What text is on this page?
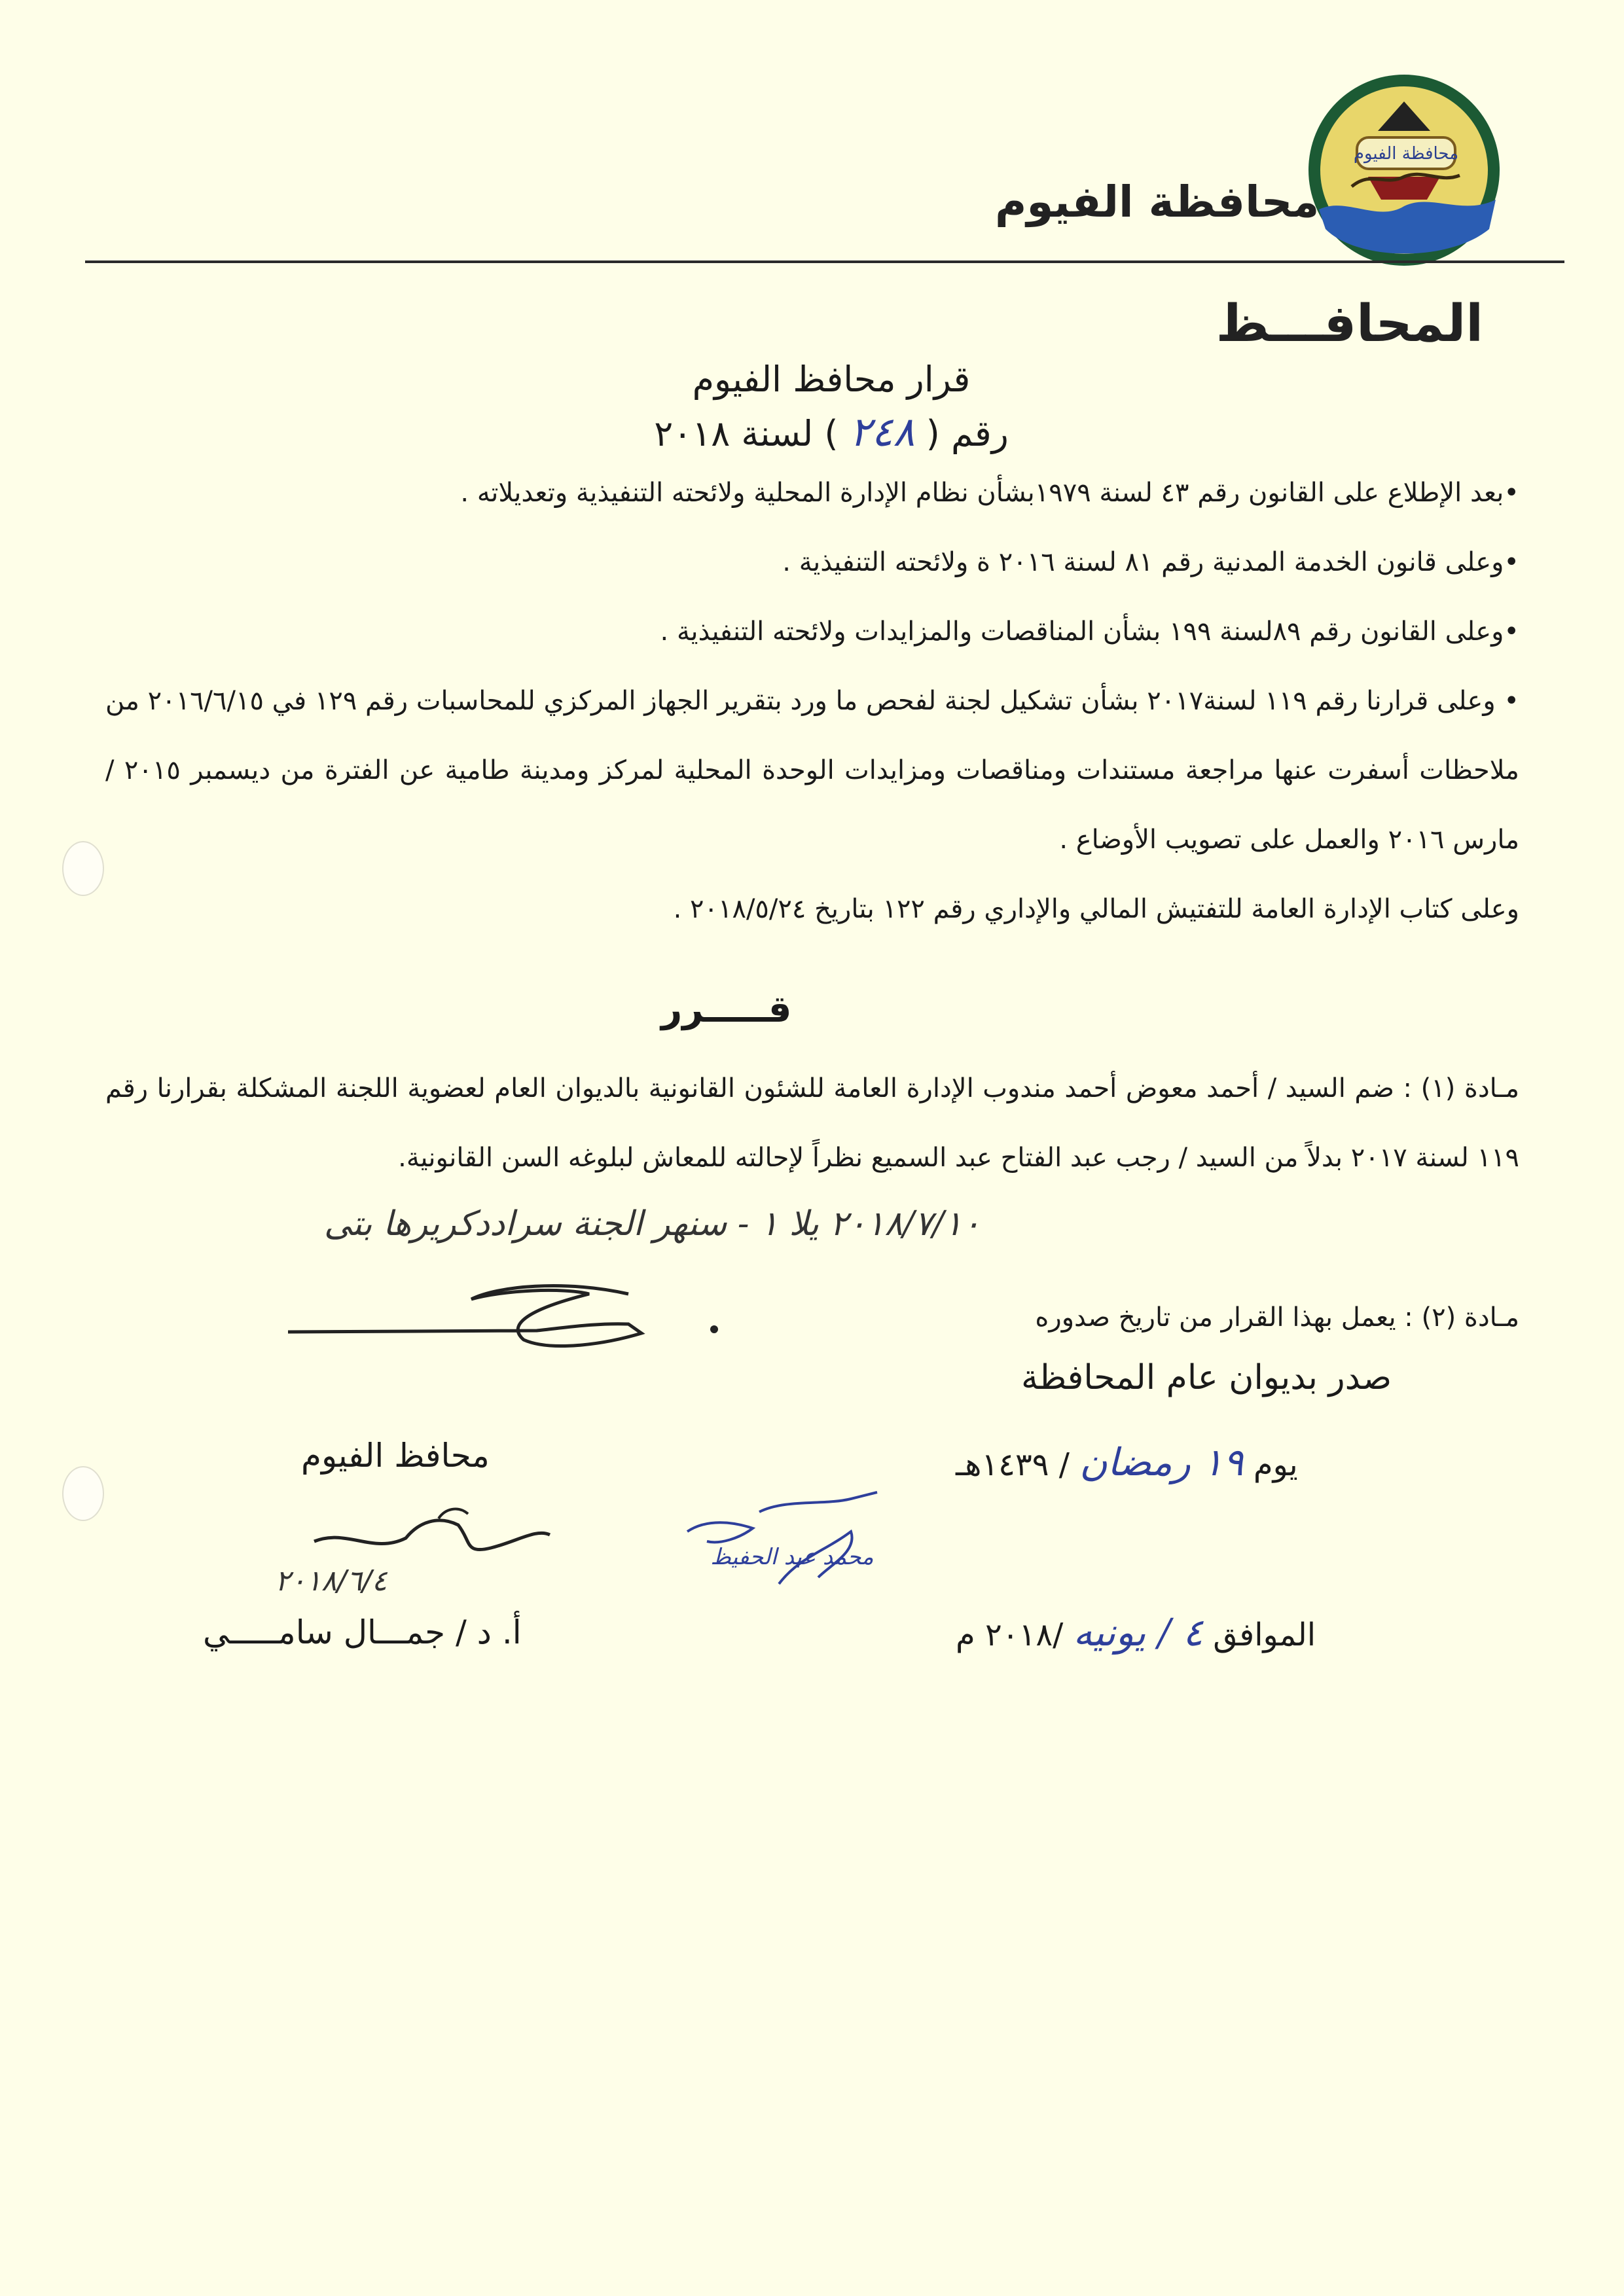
محافظة الفيوم
محافظة الفيوم
المحافـــظ
قرار محافظ الفيوم
رقم ( ٢٤٨ ) لسنة ٢٠١٨

•بعد الإطلاع على القانون رقم ٤٣ لسنة ١٩٧٩بشأن نظام الإدارة المحلية ولائحته التنفيذية وتعديلاته .

•وعلى قانون الخدمة المدنية رقم ٨١ لسنة ٢٠١٦ ة ولائحته التنفيذية .

•وعلى القانون رقم ٨٩لسنة ١٩٩ بشأن المناقصات والمزايدات ولائحته التنفيذية .

• وعلى قرارنا رقم ١١٩ لسنة٢٠١٧ بشأن تشكيل لجنة لفحص ما ورد بتقرير الجهاز المركزي للمحاسبات رقم ١٢٩ في ٢٠١٦/٦/١٥ من ملاحظات أسفرت عنها مراجعة مستندات ومناقصات ومزايدات الوحدة المحلية لمركز ومدينة طامية عن الفترة من ديسمبر ٢٠١٥ / مارس ٢٠١٦ والعمل على تصويب الأوضاع .

وعلى كتاب الإدارة العامة للتفتيش المالي والإداري رقم ١٢٢ بتاريخ ٢٠١٨/٥/٢٤ .

قـــــرر

مـادة (١) : ضم السيد / أحمد معوض أحمد مندوب الإدارة العامة للشئون القانونية بالديوان العام لعضوية اللجنة المشكلة بقرارنا رقم ١١٩ لسنة ٢٠١٧ بدلاً من السيد / رجب عبد الفتاح عبد السميع نظراً لإحالته للمعاش لبلوغه السن القانونية.

٢٠١٨/٧/١٠ يلا ١ - سنهر الجنة سراددكريرها بتى

مـادة (٢) : يعمل بهذا القرار من تاريخ صدوره

صدر بديوان عام المحافظة
يوم ١٩ رمضان / ١٤٣٩هـ
محافظ الفيوم
٢٠١٨/٦/٤
أ. د / جمـــال سامـــــي
محمد عبد الحفيظ
الموافق ٤ / يونيه /٢٠١٨ م
